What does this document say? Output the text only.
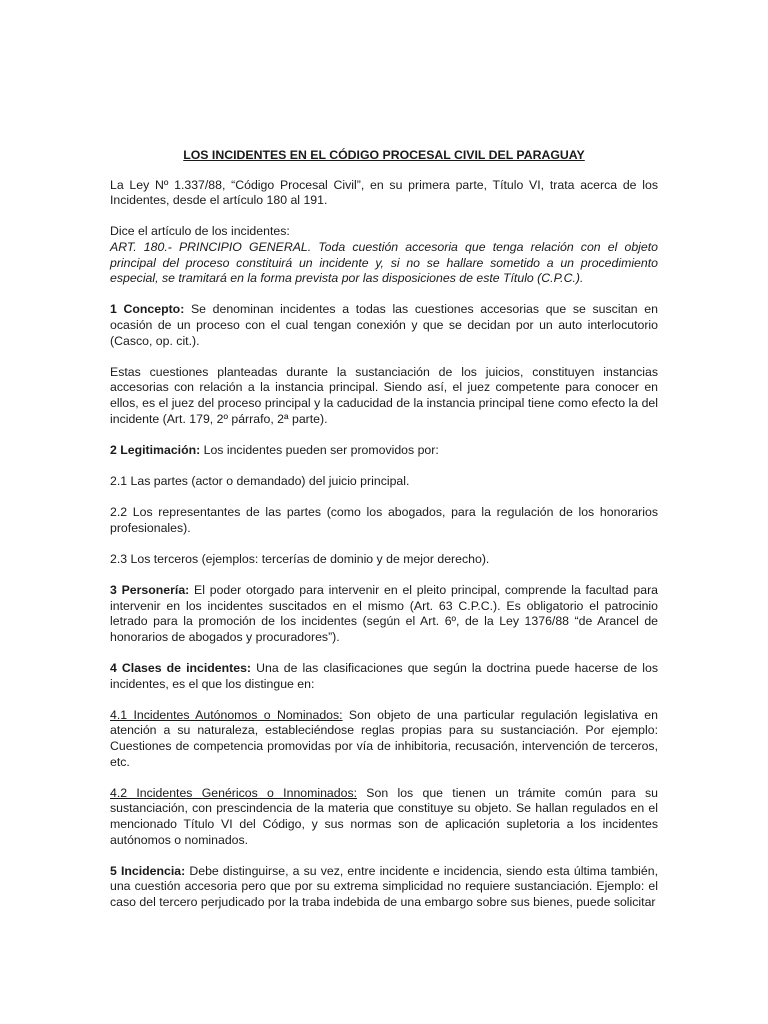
LOS INCIDENTES EN EL CÓDIGO PROCESAL CIVIL DEL PARAGUAY

La Ley Nº 1.337/88, “Código Procesal Civil”, en su primera parte, Título VI, trata acerca de los Incidentes, desde el artículo 180 al 191.

Dice el artículo de los incidentes:

ART. 180.- PRINCIPIO GENERAL. Toda cuestión accesoria que tenga relación con el objeto principal del proceso constituirá un incidente y, si no se hallare sometido a un procedimiento especial, se tramitará en la forma prevista por las disposiciones de este Título (C.P.C.).

1 Concepto: Se denominan incidentes a todas las cuestiones accesorias que se suscitan en ocasión de un proceso con el cual tengan conexión y que se decidan por un auto interlocutorio (Casco, op. cit.).

Estas cuestiones planteadas durante la sustanciación de los juicios, constituyen instancias accesorias con relación a la instancia principal. Siendo así, el juez competente para conocer en ellos, es el juez del proceso principal y la caducidad de la instancia principal tiene como efecto la del incidente (Art. 179, 2º párrafo, 2ª parte).

2 Legitimación: Los incidentes pueden ser promovidos por:

2.1 Las partes (actor o demandado) del juicio principal.

2.2 Los representantes de las partes (como los abogados, para la regulación de los honorarios profesionales).

2.3 Los terceros (ejemplos: tercerías de dominio y de mejor derecho).

3 Personería: El poder otorgado para intervenir en el pleito principal, comprende la facultad para intervenir en los incidentes suscitados en el mismo (Art. 63 C.P.C.). Es obligatorio el patrocinio letrado para la promoción de los incidentes (según el Art. 6º, de la Ley 1376/88 “de Arancel de honorarios de abogados y procuradores”).

4 Clases de incidentes: Una de las clasificaciones que según la doctrina puede hacerse de los incidentes, es el que los distingue en:

4.1 Incidentes Autónomos o Nominados: Son objeto de una particular regulación legislativa en atención a su naturaleza, estableciéndose reglas propias para su sustanciación. Por ejemplo: Cuestiones de competencia promovidas por vía de inhibitoria, recusación, intervención de terceros, etc.

4.2 Incidentes Genéricos o Innominados: Son los que tienen un trámite común para su sustanciación, con prescindencia de la materia que constituye su objeto. Se hallan regulados en el mencionado Título VI del Código, y sus normas son de aplicación supletoria a los incidentes autónomos o nominados.

5 Incidencia: Debe distinguirse, a su vez, entre incidente e incidencia, siendo esta última también, una cuestión accesoria pero que por su extrema simplicidad no requiere sustanciación. Ejemplo: el caso del tercero perjudicado por la traba indebida de una embargo sobre sus bienes, puede solicitar
